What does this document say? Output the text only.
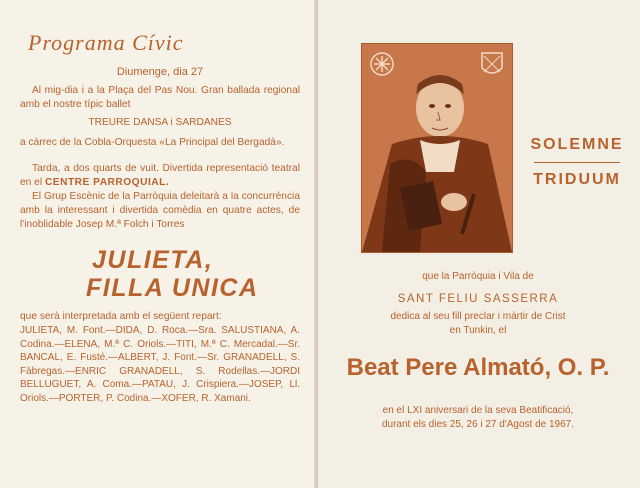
Programa Cívic
Diumenge, dia 27

Al mig-dia i a la Plaça del Pas Nou. Gran ballada regional amb el nostre típic ballet

TREURE DANSA i SARDANES

a càrrec de la Cobla-Orquesta «La Principal del Bergadà».

Tarda, a dos quarts de vuit. Divertida representació teatral en el CENTRE PARROQUIAL.

El Grup Escènic de la Parròquia deleitarà a la concurrència amb la interessant i divertida comèdia en quatre actes, de l'inoblidable Josep M.ª Folch i Torres

JULIETA,
FILLA UNICA

que serà interpretada amb el següent repart:

JULIETA, M. Font.—DIDA, D. Roca.—Sra. SALUSTIANA, A. Codina.—ELENA, M.ª C. Oriols.—TITI, M.ª C. Mercadal.—Sr. BANCAL, E. Fusté.—ALBERT, J. Font.—Sr. GRANADELL, S. Fàbregas.—ENRIC GRANADELL, S. Rodellas.—JORDI BELLUGUET, A. Coma.—PATAU, J. Crispiera.—JOSEP, Ll. Oriols.—PORTER, P. Codina.—XOFER, R. Xamani.

SOLEMNE
TRIDUUM
que la Parròquia i Vila de
SANT FELIU SASSERRA
dedica al seu fill preclar i màrtir de Crist
en Tunkin, el
Beat Pere Almató, O. P.
en el LXI aniversari de la seva Beatificació,
durant els dies 25, 26 i 27 d'Agost de 1967.
